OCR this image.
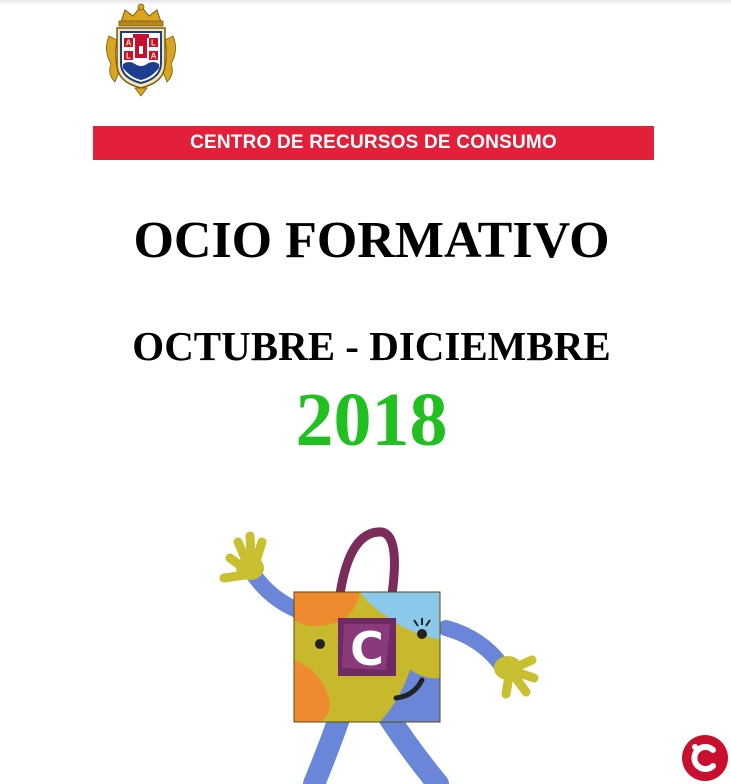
A L
L A
CENTRO DE RECURSOS DE CONSUMO
OCIO FORMATIVO
OCTUBRE - DICIEMBRE
2018
C
